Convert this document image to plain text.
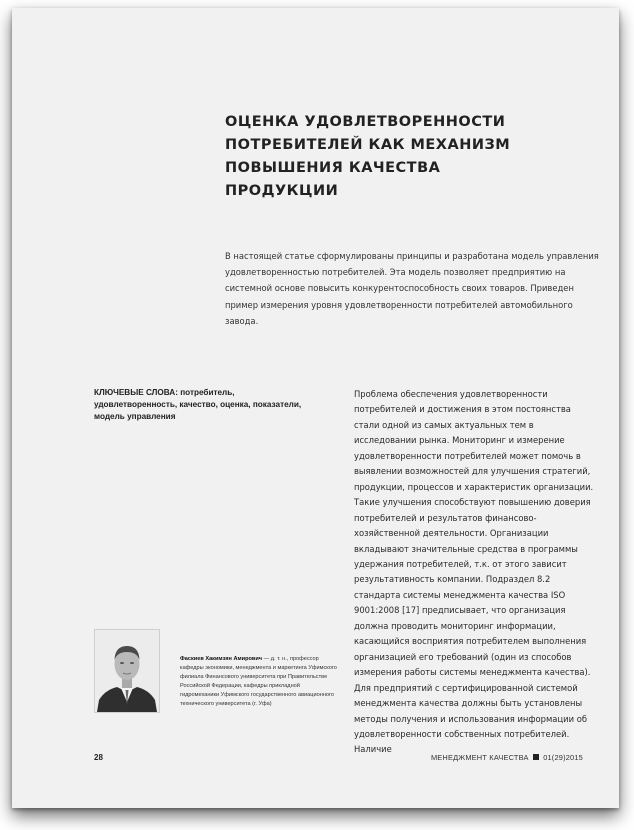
ОЦЕНКА УДОВЛЕТВОРЕННОСТИ ПОТРЕБИТЕЛЕЙ КАК МЕХАНИЗМ ПОВЫШЕНИЯ КАЧЕСТВА ПРОДУКЦИИ

В настоящей статье сформулированы принципы и разработана модель управления удовлетворенностью потребителей. Эта модель позволяет предприятию на системной основе повысить конкурентоспособность своих товаров. Приведен пример измерения уровня удовлетворенности потребителей автомобильного завода.

КЛЮЧЕВЫЕ СЛОВА: потребитель, удовлетворенность, качество, оценка, показатели, модель управления

Проблема обеспечения удовлетворенности потребителей и достижения в этом постоянства стали одной из самых актуальных тем в исследовании рынка. Мониторинг и измерение удовлетворенности потребителей может помочь в выявлении возможностей для улучшения стратегий, продукции, процессов и характеристик организации. Такие улучшения способствуют повышению доверия потребителей и результатов финансово-хозяйственной деятельности. Организации вкладывают значительные средства в программы удержания потребителей, т.к. от этого зависит результативность компании. Подраздел 8.2 стандарта системы менеджмента качества ISO 9001:2008 [17] предписывает, что организация должна проводить мониторинг информации, касающийся восприятия потребителем выполнения организацией его требований (один из способов измерения работы системы менеджмента качества). Для предприятий с сертифицированной системой менеджмента качества должны быть установлены методы получения и использования информации об удовлетворенности собственных потребителей. Наличие

Фаскиев Хакимзян Амирович — д. т. н., профессор кафедры экономики, менеджмента и маркетинга Уфимского филиала Финансового университета при Правительстве Российской Федерации, кафедры прикладной гидромеханики Уфимского государственного авиационного технического университета (г. Уфа)

28	МЕНЕДЖМЕНТ КАЧЕСТВА 01(29)2015
